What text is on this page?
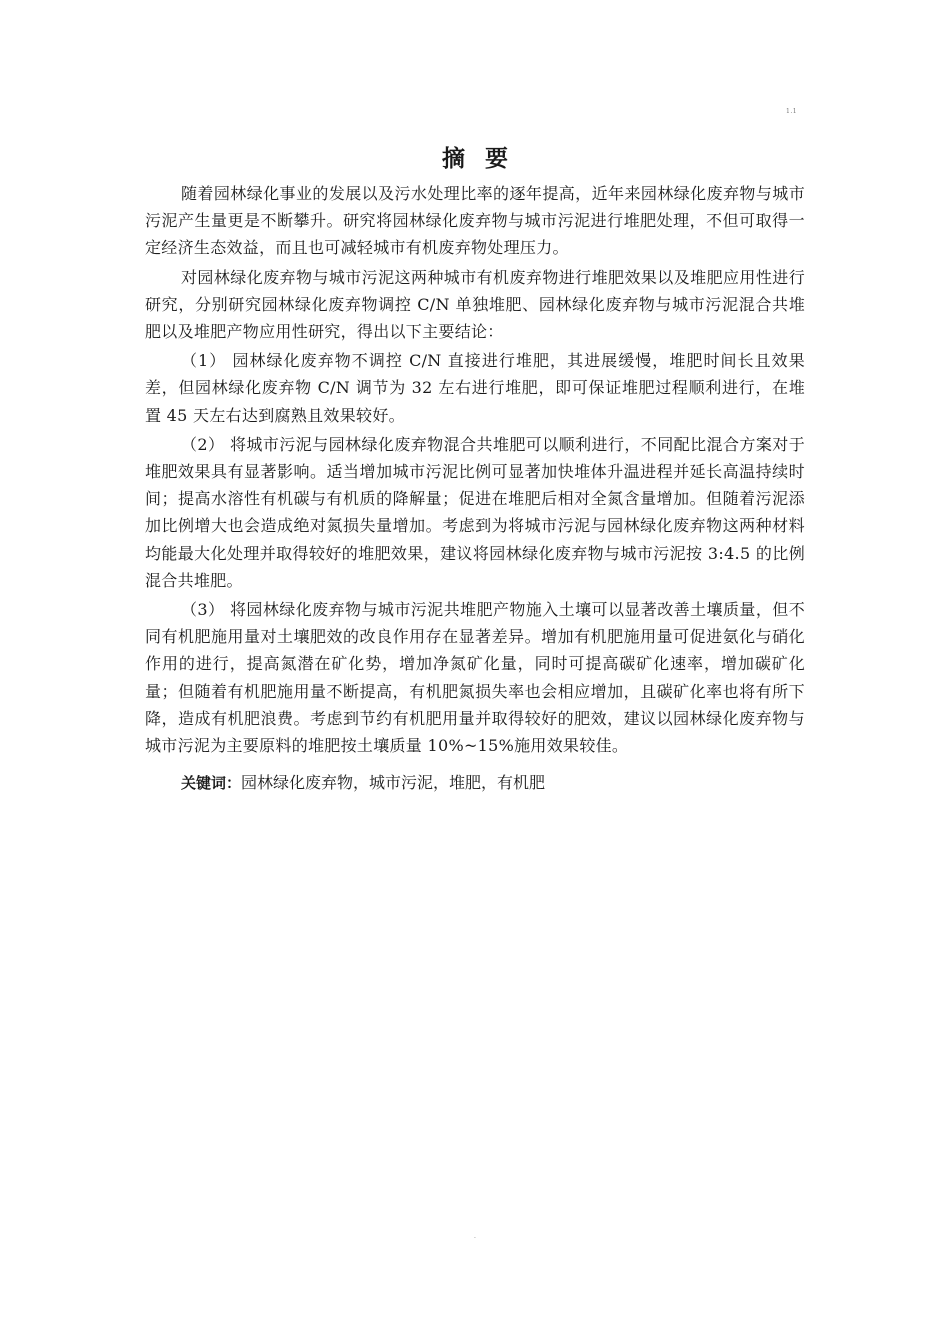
1.1
摘要

随着园林绿化事业的发展以及污水处理比率的逐年提高，近年来园林绿化废弃物与城市污泥产生量更是不断攀升。研究将园林绿化废弃物与城市污泥进行堆肥处理，不但可取得一定经济生态效益，而且也可减轻城市有机废弃物处理压力。

对园林绿化废弃物与城市污泥这两种城市有机废弃物进行堆肥效果以及堆肥应用性进行研究，分别研究园林绿化废弃物调控 C/N 单独堆肥、园林绿化废弃物与城市污泥混合共堆肥以及堆肥产物应用性研究，得出以下主要结论：

（1） 园林绿化废弃物不调控 C/N 直接进行堆肥，其进展缓慢，堆肥时间长且效果差，但园林绿化废弃物 C/N 调节为 32 左右进行堆肥，即可保证堆肥过程顺利进行，在堆置 45 天左右达到腐熟且效果较好。

（2） 将城市污泥与园林绿化废弃物混合共堆肥可以顺利进行，不同配比混合方案对于堆肥效果具有显著影响。适当增加城市污泥比例可显著加快堆体升温进程并延长高温持续时间；提高水溶性有机碳与有机质的降解量；促进在堆肥后相对全氮含量增加。但随着污泥添加比例增大也会造成绝对氮损失量增加。考虑到为将城市污泥与园林绿化废弃物这两种材料均能最大化处理并取得较好的堆肥效果，建议将园林绿化废弃物与城市污泥按 3:4.5 的比例混合共堆肥。

（3） 将园林绿化废弃物与城市污泥共堆肥产物施入土壤可以显著改善土壤质量，但不同有机肥施用量对土壤肥效的改良作用存在显著差异。增加有机肥施用量可促进氨化与硝化作用的进行，提高氮潜在矿化势，增加净氮矿化量，同时可提高碳矿化速率，增加碳矿化量；但随着有机肥施用量不断提高，有机肥氮损失率也会相应增加，且碳矿化率也将有所下降，造成有机肥浪费。考虑到节约有机肥用量并取得较好的肥效，建议以园林绿化废弃物与城市污泥为主要原料的堆肥按土壤质量 10%~15%施用效果较佳。

关键词：园林绿化废弃物，城市污泥，堆肥，有机肥
.
